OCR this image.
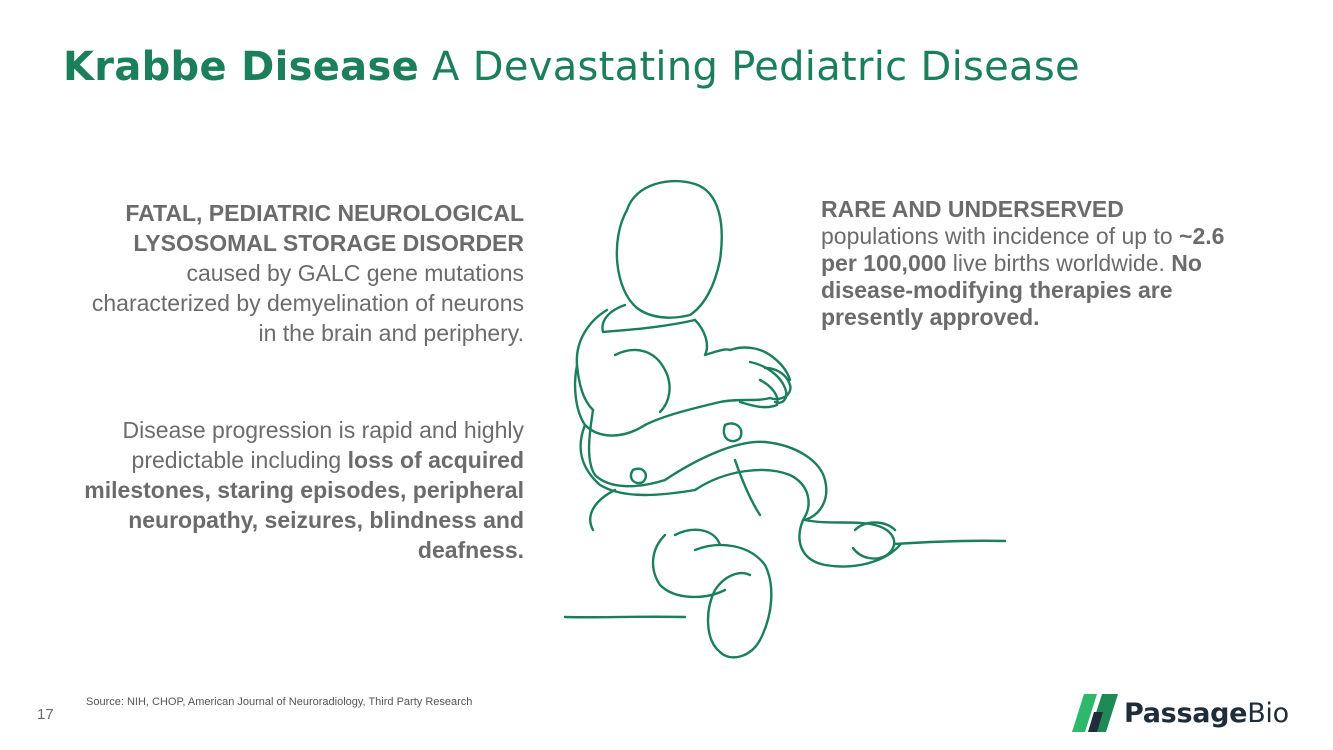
Krabbe Disease A Devastating Pediatric Disease
FATAL, PEDIATRIC NEUROLOGICAL LYSOSOMAL STORAGE DISORDER caused by GALC gene mutations characterized by demyelination of neurons in the brain and periphery.
Disease progression is rapid and highly predictable including loss of acquired milestones, staring episodes, peripheral neuropathy, seizures, blindness and deafness.
RARE AND UNDERSERVED
populations with incidence of up to ~2.6 per 100,000 live births worldwide. No disease-modifying therapies are presently approved.
Source: NIH, CHOP, American Journal of Neuroradiology, Third Party Research
17	PassageBio
